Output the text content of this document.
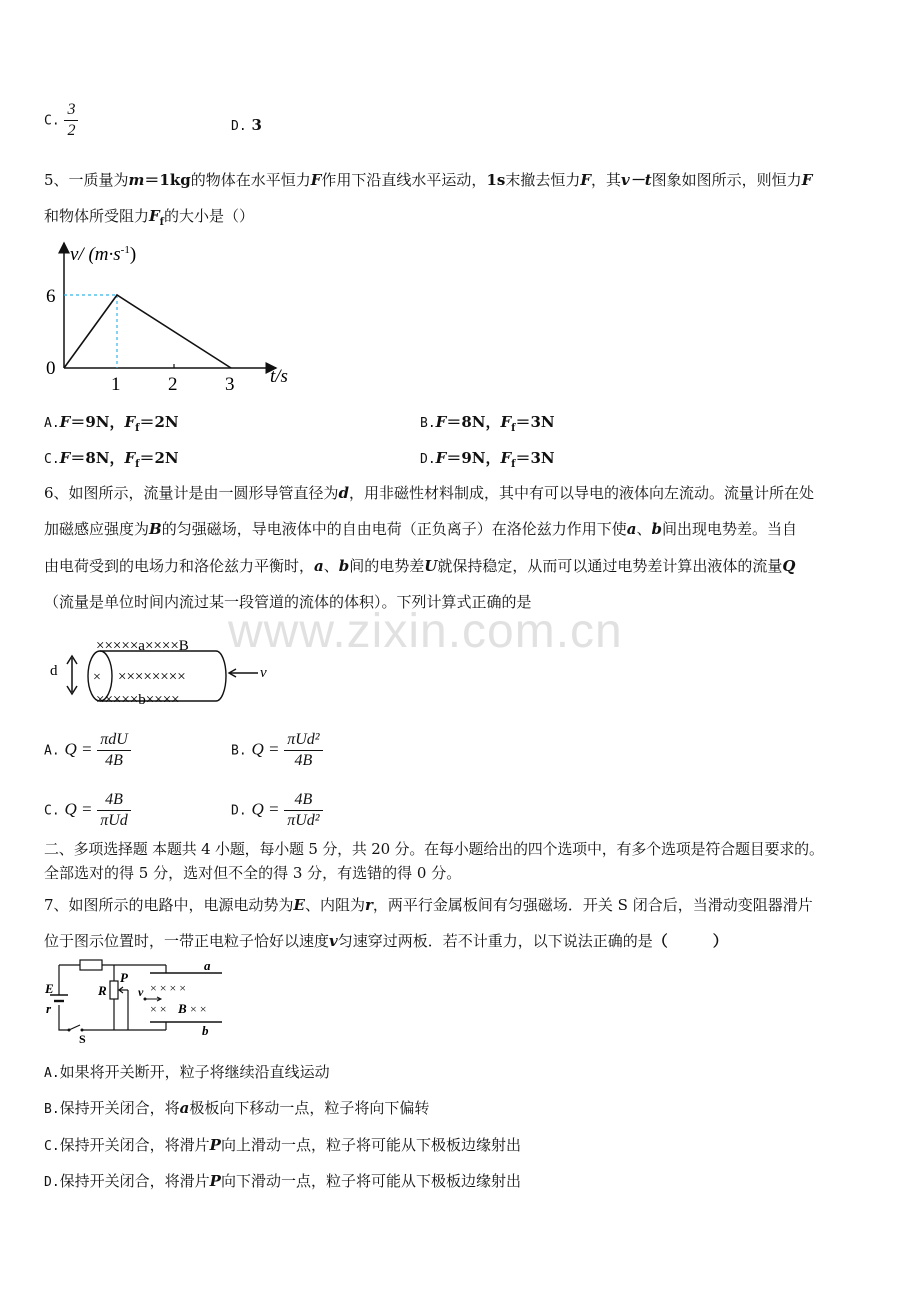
C. $\frac{3}{2}$	D. 3
5、一质量为m＝1kg的物体在水平恒力F作用下沿直线水平运动，1s末撤去恒力F，其v－t图象如图所示，则恒力F
和物体所受阻力$F_f$的大小是（）
v/ $(m\cdot s^{-1})$
6
0
1	2	3 t/s
A.F＝9N，$F_f=2N$	B.F＝8N，$F_f=3N$
C.F＝8N，$F_f=2N$	D.F＝9N，$F_f=3N$
6、如图所示，流量计是由一圆形导管直径为d，用非磁性材料制成，其中有可以导电的液体向左流动。流量计所在处
加磁感应强度为B的匀强磁场，导电液体中的自由电荷（正负离子）在洛伦兹力作用下使a、b间出现电势差。当自
由电荷受到的电场力和洛伦兹力平衡时，a、b间的电势差U就保持稳定，从而可以通过电势差计算出液体的流量Q
（流量是单位时间内流过某一段管道的流体的体积）。下列计算式正确的是
www.zixin.com.cn
×××××a××××B
d	× ××××××××	v
×××××b××××
A. $Q = \frac{\text{πdU}}{4B}$	B. $Q = \frac{\text{πUd²}}{4B}$
C. $Q = \frac{4B}{\text{πUd}}$	D. $Q = \frac{4B}{\text{πUd²}}$
二、多项选择题 本题共 4 小题，每小题 5 分，共 20 分。在每小题给出的四个选项中，有多个选项是符合题目要求的。
全部选对的得 5 分，选对但不全的得 3 分，有选错的得 0 分。
7、如图所示的电路中，电源电动势为E、内阻为r，两平行金属板间有匀强磁场．开关 S 闭合后，当滑动变阻器滑片
位于图示位置时，一带正电粒子恰好以速度v匀速穿过两板．若不计重力，以下说法正确的是（　　　）
E
r
a
R
P
S
b
v × × × ×
× × B × ×
A.如果将开关断开，粒子将继续沿直线运动
B.保持开关闭合，将a极板向下移动一点，粒子将向下偏转
C.保持开关闭合，将滑片P向上滑动一点，粒子将可能从下极板边缘射出
D.保持开关闭合，将滑片P向下滑动一点，粒子将可能从下极板边缘射出
